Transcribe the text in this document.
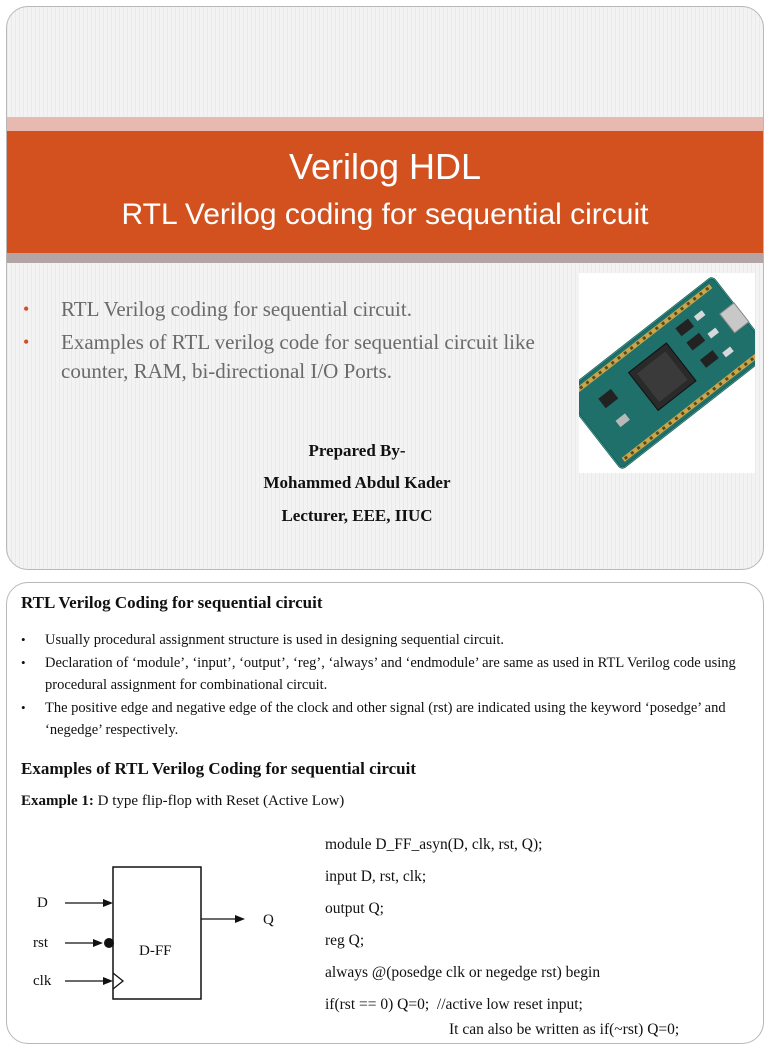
Verilog HDL
RTL Verilog coding for sequential circuit
• RTL Verilog coding for sequential circuit.
• Examples of RTL verilog code for sequential circuit like counter, RAM, bi-directional I/O Ports.
Prepared By-
Mohammed Abdul Kader
Lecturer, EEE, IIUC
RTL Verilog Coding for sequential circuit
• Usually procedural assignment structure is used in designing sequential circuit.
• Declaration of ‘module’, ‘input’, ‘output’, ‘reg’, ‘always’ and ‘endmodule’ are same as used in RTL Verilog code using procedural assignment for combinational circuit.
• The positive edge and negative edge of the clock and other signal (rst) are indicated using the keyword ‘posedge’ and ‘negedge’ respectively.
Examples of RTL Verilog Coding for sequential circuit
Example 1: D type flip-flop with Reset (Active Low)
D-FF
D
rst
clk
Q
module D_FF_asyn(D, clk, rst, Q);
input D, rst, clk;
output Q;
reg Q;
always @(posedge clk or negedge rst) begin
if(rst == 0) Q=0;  //active low reset input;
It can also be written as if(~rst) Q=0;
